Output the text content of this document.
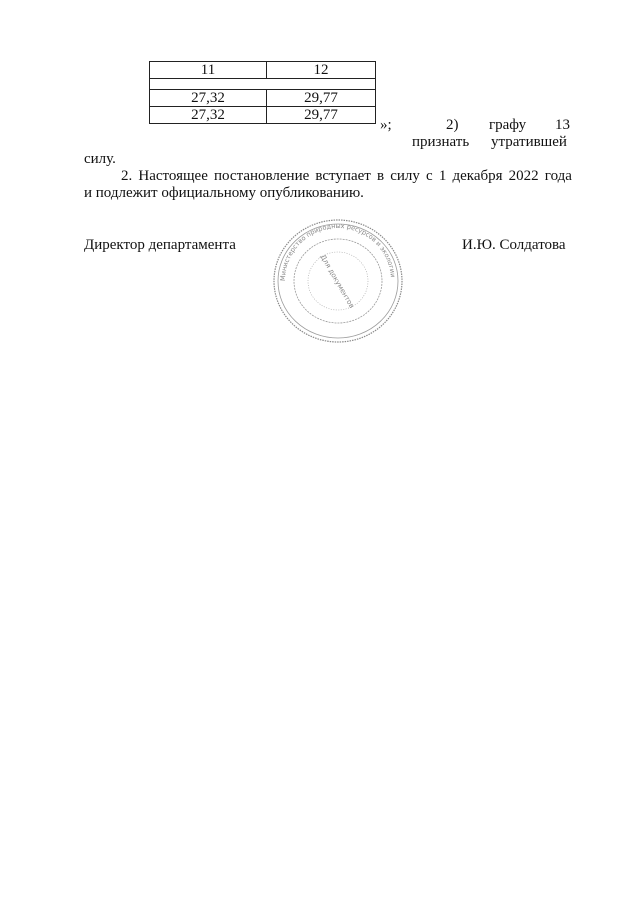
11	12

27,32	29,77
27,32	29,77
»;	2) графу 13
признать утратившей
силу.
2. Настоящее постановление вступает в силу с 1 декабря 2022 года
и подлежит официальному опубликованию.
Директор департамента	И.Ю. Солдатова
Министерство природных ресурсов и экологии
Для документов
